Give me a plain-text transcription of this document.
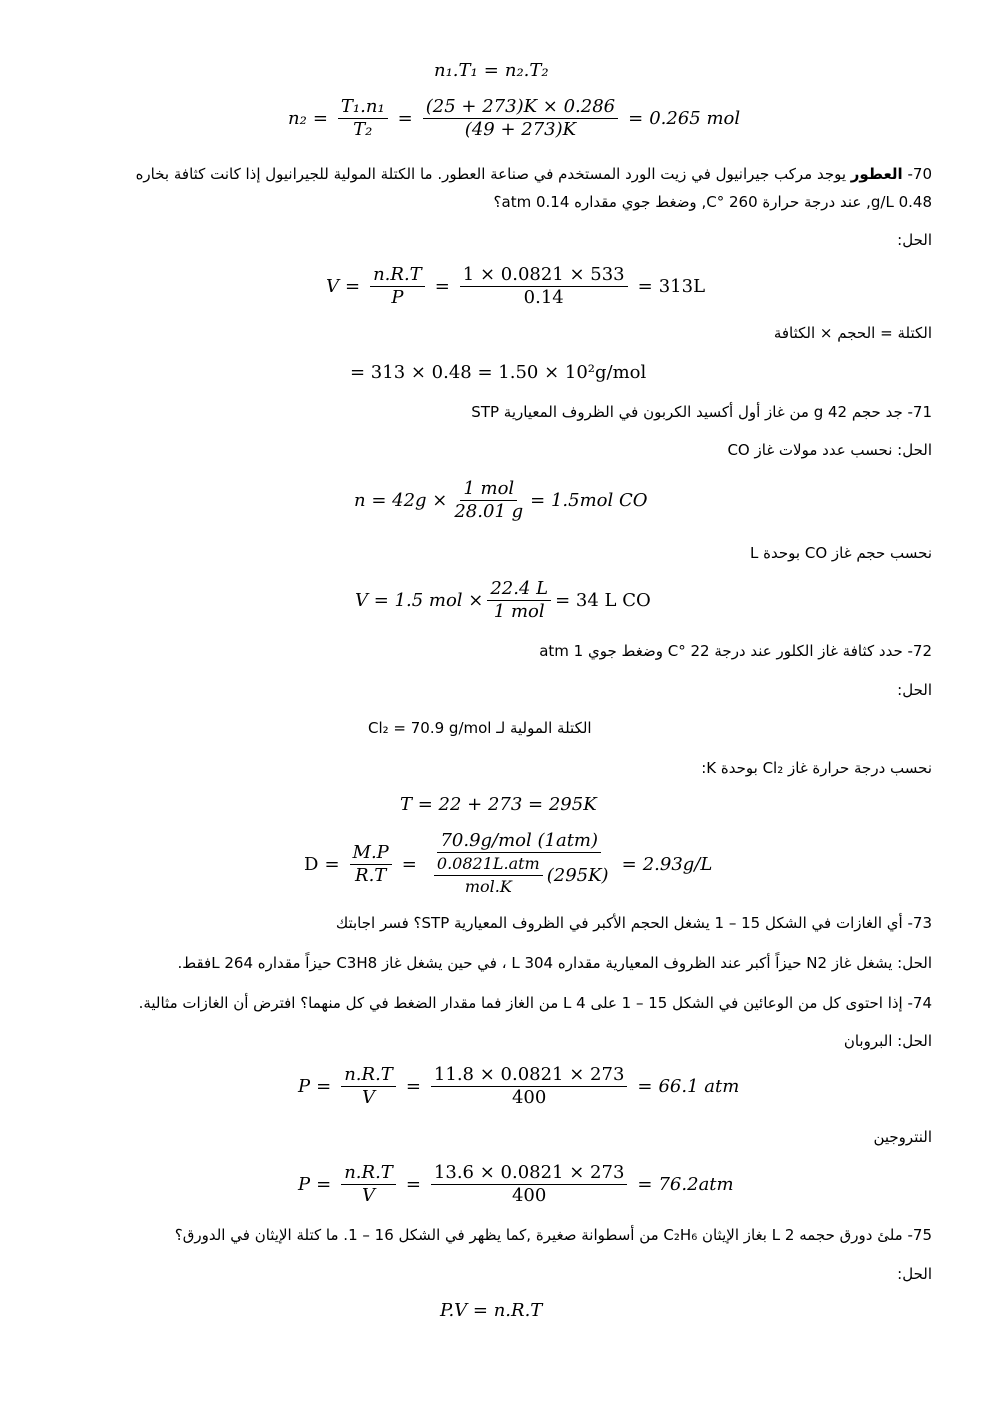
n₁.T₁ = n₂.T₂
$n_2 = \frac{\text{T₁.n₁}}{\text{T₂}} = \frac{(25 + 273)K \times 0.286}{(49 + 273)K} = 0.265$ mol
70- العطور يوجد مركب جيرانيول في زيت الورد المستخدم في صناعة العطور. ما الكتلة المولية للجيرانيول إذا كانت كثافة بخاره
0.48 g/L, عند درجة حرارة 260 °C, وضغط جوي مقداره 0.14 atm؟
الحل:
$V = \frac{n.R.T}{P} = \frac{1 \times 0.0821 \times 533}{0.14} = 313L$
الكتلة = الحجم × الكثافة
= 313 × 0.48 = 1.50 × 10²g/mol
71- جد حجم 42 g من غاز أول أكسيد الكربون في الظروف المعيارية STP
الحل: نحسب عدد مولات غاز CO
$n = 42g \times \frac{\text{1 mol}}{28.01 g} = 1.5mol$ CO
نحسب حجم غاز CO بوحدة L
V = 1.5 mol × $\frac{22.4 L}{\text{1 mol}} = 34$ L CO
72- حدد كثافة غاز الكلور عند درجة 22 °C وضغط جوي 1 atm
الحل:
الكتلة المولية لـ Cl₂ = 70.9 g/mol
نحسب درجة حرارة غاز Cl₂ بوحدة K:
T = 22 + 273 = 295K
$D = \frac{M.P}{R.T} = \frac{\text{70.9g/mol (1atm)}}{\frac{\text{0.0821L.atm}}{\text{mol.K}} (295K)} = 2.93g/L$
73- أي الغازات في الشكل 15 – 1 يشغل الحجم الأكبر في الظروف المعيارية STP؟ فسر اجابتك
الحل: يشغل غاز N2 حيزاً أكبر عند الظروف المعيارية مقداره 304 L ، في حين يشغل غاز C3H8 حيزاً مقداره 264 Lفقط.
74- إذا احتوى كل من الوعائين في الشكل 15 – 1 على 4 L من الغاز فما مقدار الضغط في كل منهما؟ افترض أن الغازات مثالية.
الحل: البروبان
$P = \frac{n.R.T}{V} = \frac{11.8 \times 0.0821 \times 273}{400} = 66.1$ atm
النتروجين
$P = \frac{n.R.T}{V} = \frac{13.6 \times 0.0821 \times 273}{400} = 76.2atm$
75- ملئ دورق حجمه 2 L بغاز الإيثان C₂H₆ من أسطوانة صغيرة ,كما يظهر في الشكل 16 – 1. ما كتلة الإيثان في الدورق؟
الحل:
P.V = n.R.T
